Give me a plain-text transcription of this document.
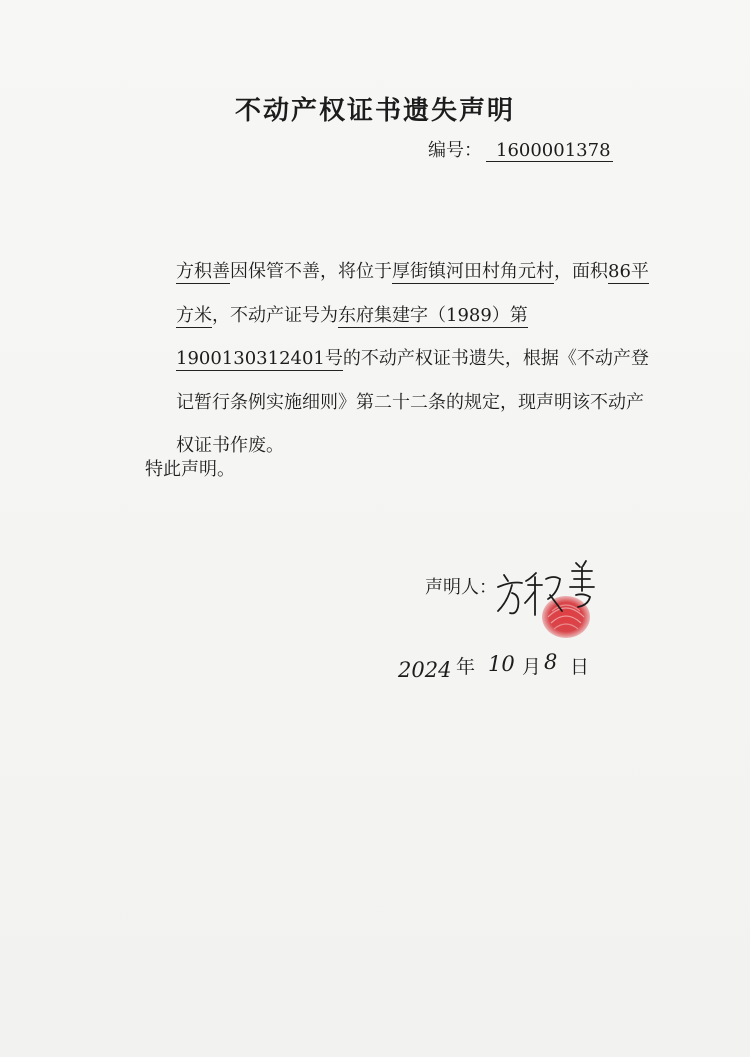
不动产权证书遗失声明
编号： 1600001378

方积善因保管不善，将位于厚街镇河田村角元村，面积86平方米，不动产证号为东府集建字（1989）第1900130312401号的不动产权证书遗失，根据《不动产登记暂行条例实施细则》第二十二条的规定，现声明该不动产权证书作废。

特此声明。
声明人：
2024 年 10 月 8 日
